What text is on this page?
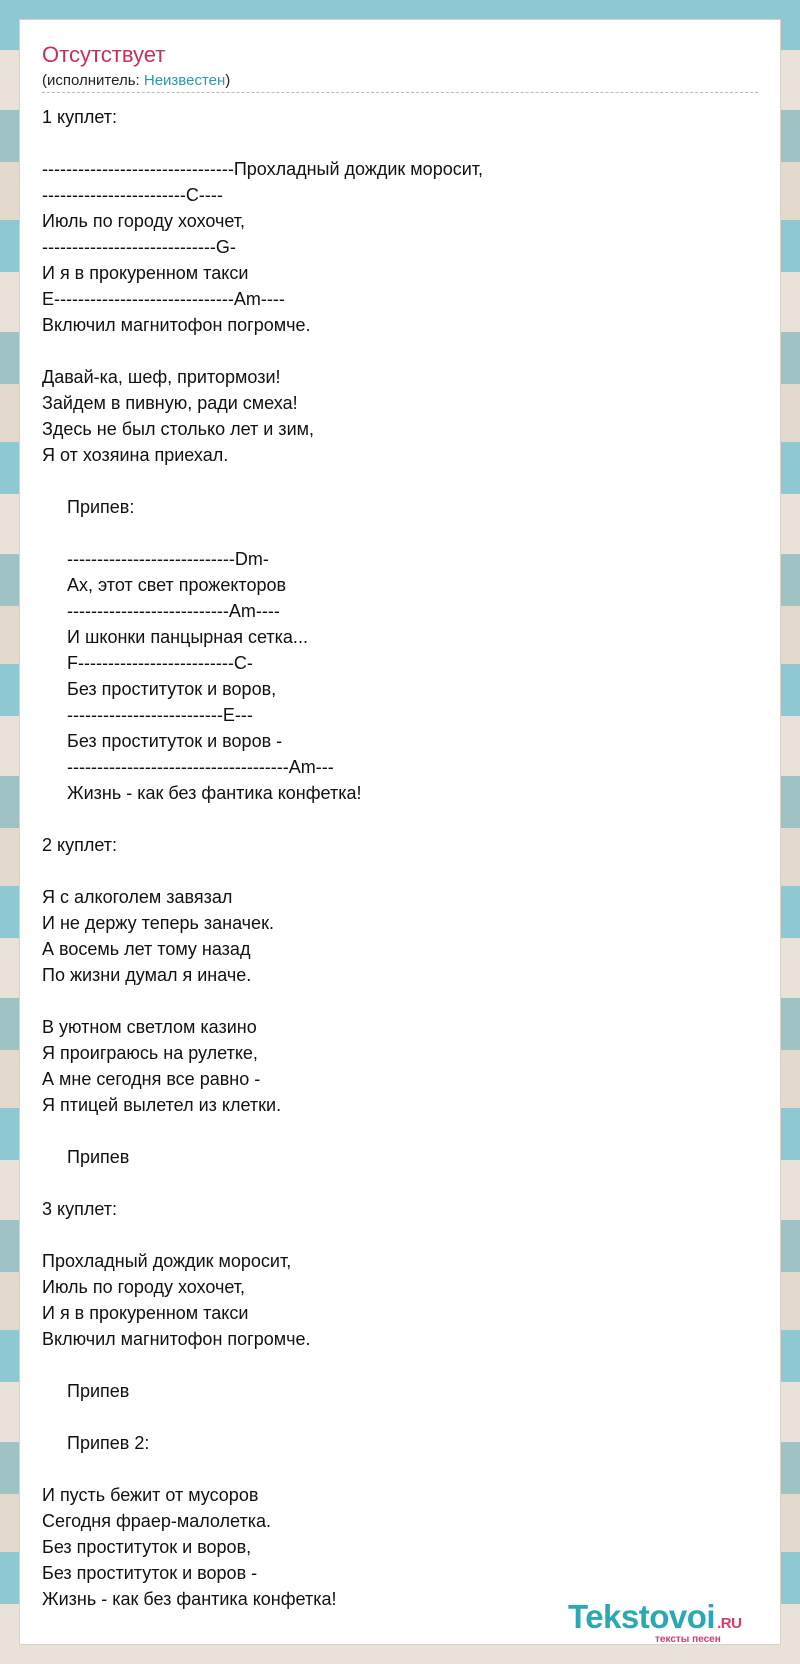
Отсутствует
(исполнитель: Неизвестен)
1 куплет:

--------------------------------Прохладный дождик моросит,
------------------------C----
Июль по городу хохочет,
-----------------------------G-
И я в прокуренном такси
E------------------------------Am----
Включил магнитофон погромче.

Давай-ка, шеф, притормози!
Зайдем в пивную, ради смеха!
Здесь не был столько лет и зим,
Я от хозяина приехал.

Припев:

----------------------------Dm-
Ах, этот свет прожекторов
---------------------------Am----
И шконки панцырная сетка...
F--------------------------C-
Без проституток и воров,
--------------------------E---
Без проституток и воров -
-------------------------------------Am---
Жизнь - как без фантика конфетка!

2 куплет:

Я с алкоголем завязал
И не держу теперь заначек.
А восемь лет тому назад
По жизни думал я иначе.

В уютном светлом казино
Я проиграюсь на рулетке,
А мне сегодня все равно -
Я птицей вылетел из клетки.

Припев

3 куплет:

Прохладный дождик моросит,
Июль по городу хохочет,
И я в прокуренном такси
Включил магнитофон погромче.

Припев

Припев 2:

И пусть бежит от мусоров
Сегодня фраер-малолетка.
Без проституток и воров,
Без проституток и воров -
Жизнь - как без фантика конфетка!	Tekstovoi .RU
тексты песен
